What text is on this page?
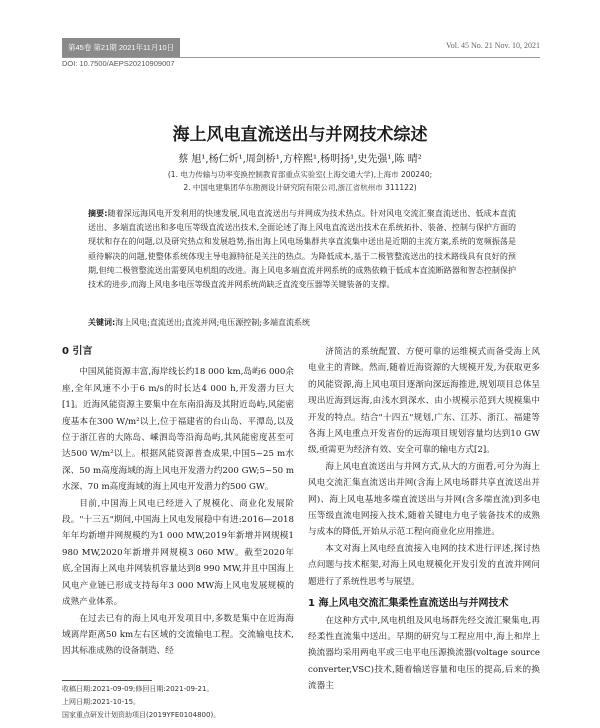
第45卷 第21期 2021年11月10日	Vol. 45 No. 21 Nov. 10, 2021
DOI: 10.7500/AEPS20210909007
海上风电直流送出与并网技术综述
蔡 旭¹,杨仁炘¹,周剑桥¹,方梓熙¹,杨明扬¹,史先强¹,陈 晴²
(1. 电力传输与功率变换控制教育部重点实验室(上海交通大学),上海市 200240;
2. 中国电建集团华东勘测设计研究院有限公司,浙江省杭州市 311122)
摘要:随着深远海风电开发利用的快速发展,风电直流送出与并网成为技术热点。针对风电交流汇聚直流送出、低成本直流送出、多端直流送出和多电压等级直流送出技术,全面论述了海上风电直流送出技术在系统拓扑、装备、控制与保护方面的现状和存在的问题,以及研究热点和发展趋势,指出海上风电场集群共享直流集中送出是近期的主流方案,系统的宽频振荡是亟待解决的问题,使整体系统体现主导电源特征是关注的热点。为降低成本,基于二极管整流送出的技术路线具有良好的预期,但纯二极管整流送出需要风电机组的改进。海上风电多端直流并网系统的成熟依赖于低成本直流断路器和智态控制保护技术的进步,而海上风电多电压等级直流并网系统尚缺乏直流变压器等关键装备的支撑。
关键词:海上风电;直流送出;直流并网;电压源控制;多端直流系统

0 引言

中国风能资源丰富,海岸线长约18 000 km,岛屿6 000余座,全年风速不小于6 m/s的时长达4 000 h,开发潜力巨大[1]。近海风能资源主要集中在东南沿海及其附近岛屿,风能密度基本在300 W/m²以上,位于福建省的台山岛、平潭岛,以及位于浙江省的大陈岛、嵊泗岛等沿海岛屿,其风能密度甚至可达500 W/m²以上。根据风能资源普查成果,中国5~25 m水深、50 m高度海域的海上风电开发潜力约200 GW;5~50 m水深、70 m高度海域的海上风电开发潜力约500 GW。

目前,中国海上风电已经进入了规模化、商业化发展阶段。"十三五"期间,中国海上风电发展稳中有进:2016—2018年年均新增并网规模约为1 000 MW,2019年新增并网规模1 980 MW,2020年新增并网规模3 060 MW。截至2020年底,全国海上风电并网装机容量达到8 990 MW,并且中国海上风电产业链已形成支持每年3 000 MW海上风电发展规模的成熟产业体系。

在过去已有的海上风电开发项目中,多数是集中在近海海域离岸距离50 km左右区域的交流输电工程。交流输电技术,因其标准成熟的设备制造、经

济简洁的系统配置、方便可靠的运维模式而备受海上风电业主的青睐。然而,随着近海资源的大规模开发,为获取更多的风能资源,海上风电项目逐渐向深远海推进,规划项目总体呈现出近海到远海,由浅水到深水、由小规模示范到大规模集中开发的特点。结合"十四五"规划,广东、江苏、浙江、福建等各海上风电重点开发省份的远海项目规划容量均达到10 GW级,亟需更为经济有效、安全可靠的输电方式[2]。

海上风电直流送出与并网方式,从大的方面看,可分为海上风电交流汇集直流送出并网(含海上风电场群共享直流送出并网)、海上风电基地多端直流送出与并网(含多端直流)到多电压等级直流电网接入技术,随着关键电力电子装备技术的成熟与成本的降低,开始从示范工程向商业化应用推进。

本文对海上风电经直流接入电网的技术进行评述,探讨热点问题与技术框架,对海上风电规模化开发引发的直流并网问题进行了系统性思考与展望。

1 海上风电交流汇集柔性直流送出与并网技术

在这种方式中,风电机组及风电场群先经交流汇聚集电,再经柔性直流集中送出。早期的研究与工程应用中,海上和岸上换流器均采用两电平或三电平电压源换流器(voltage source converter,VSC)技术,随着输送容量和电压的提高,后来的换流器主

收稿日期:2021-09-09;修回日期:2021-09-21。
上网日期:2021-10-15。
国家重点研发计划资助项目(2019YFE0104800)。
